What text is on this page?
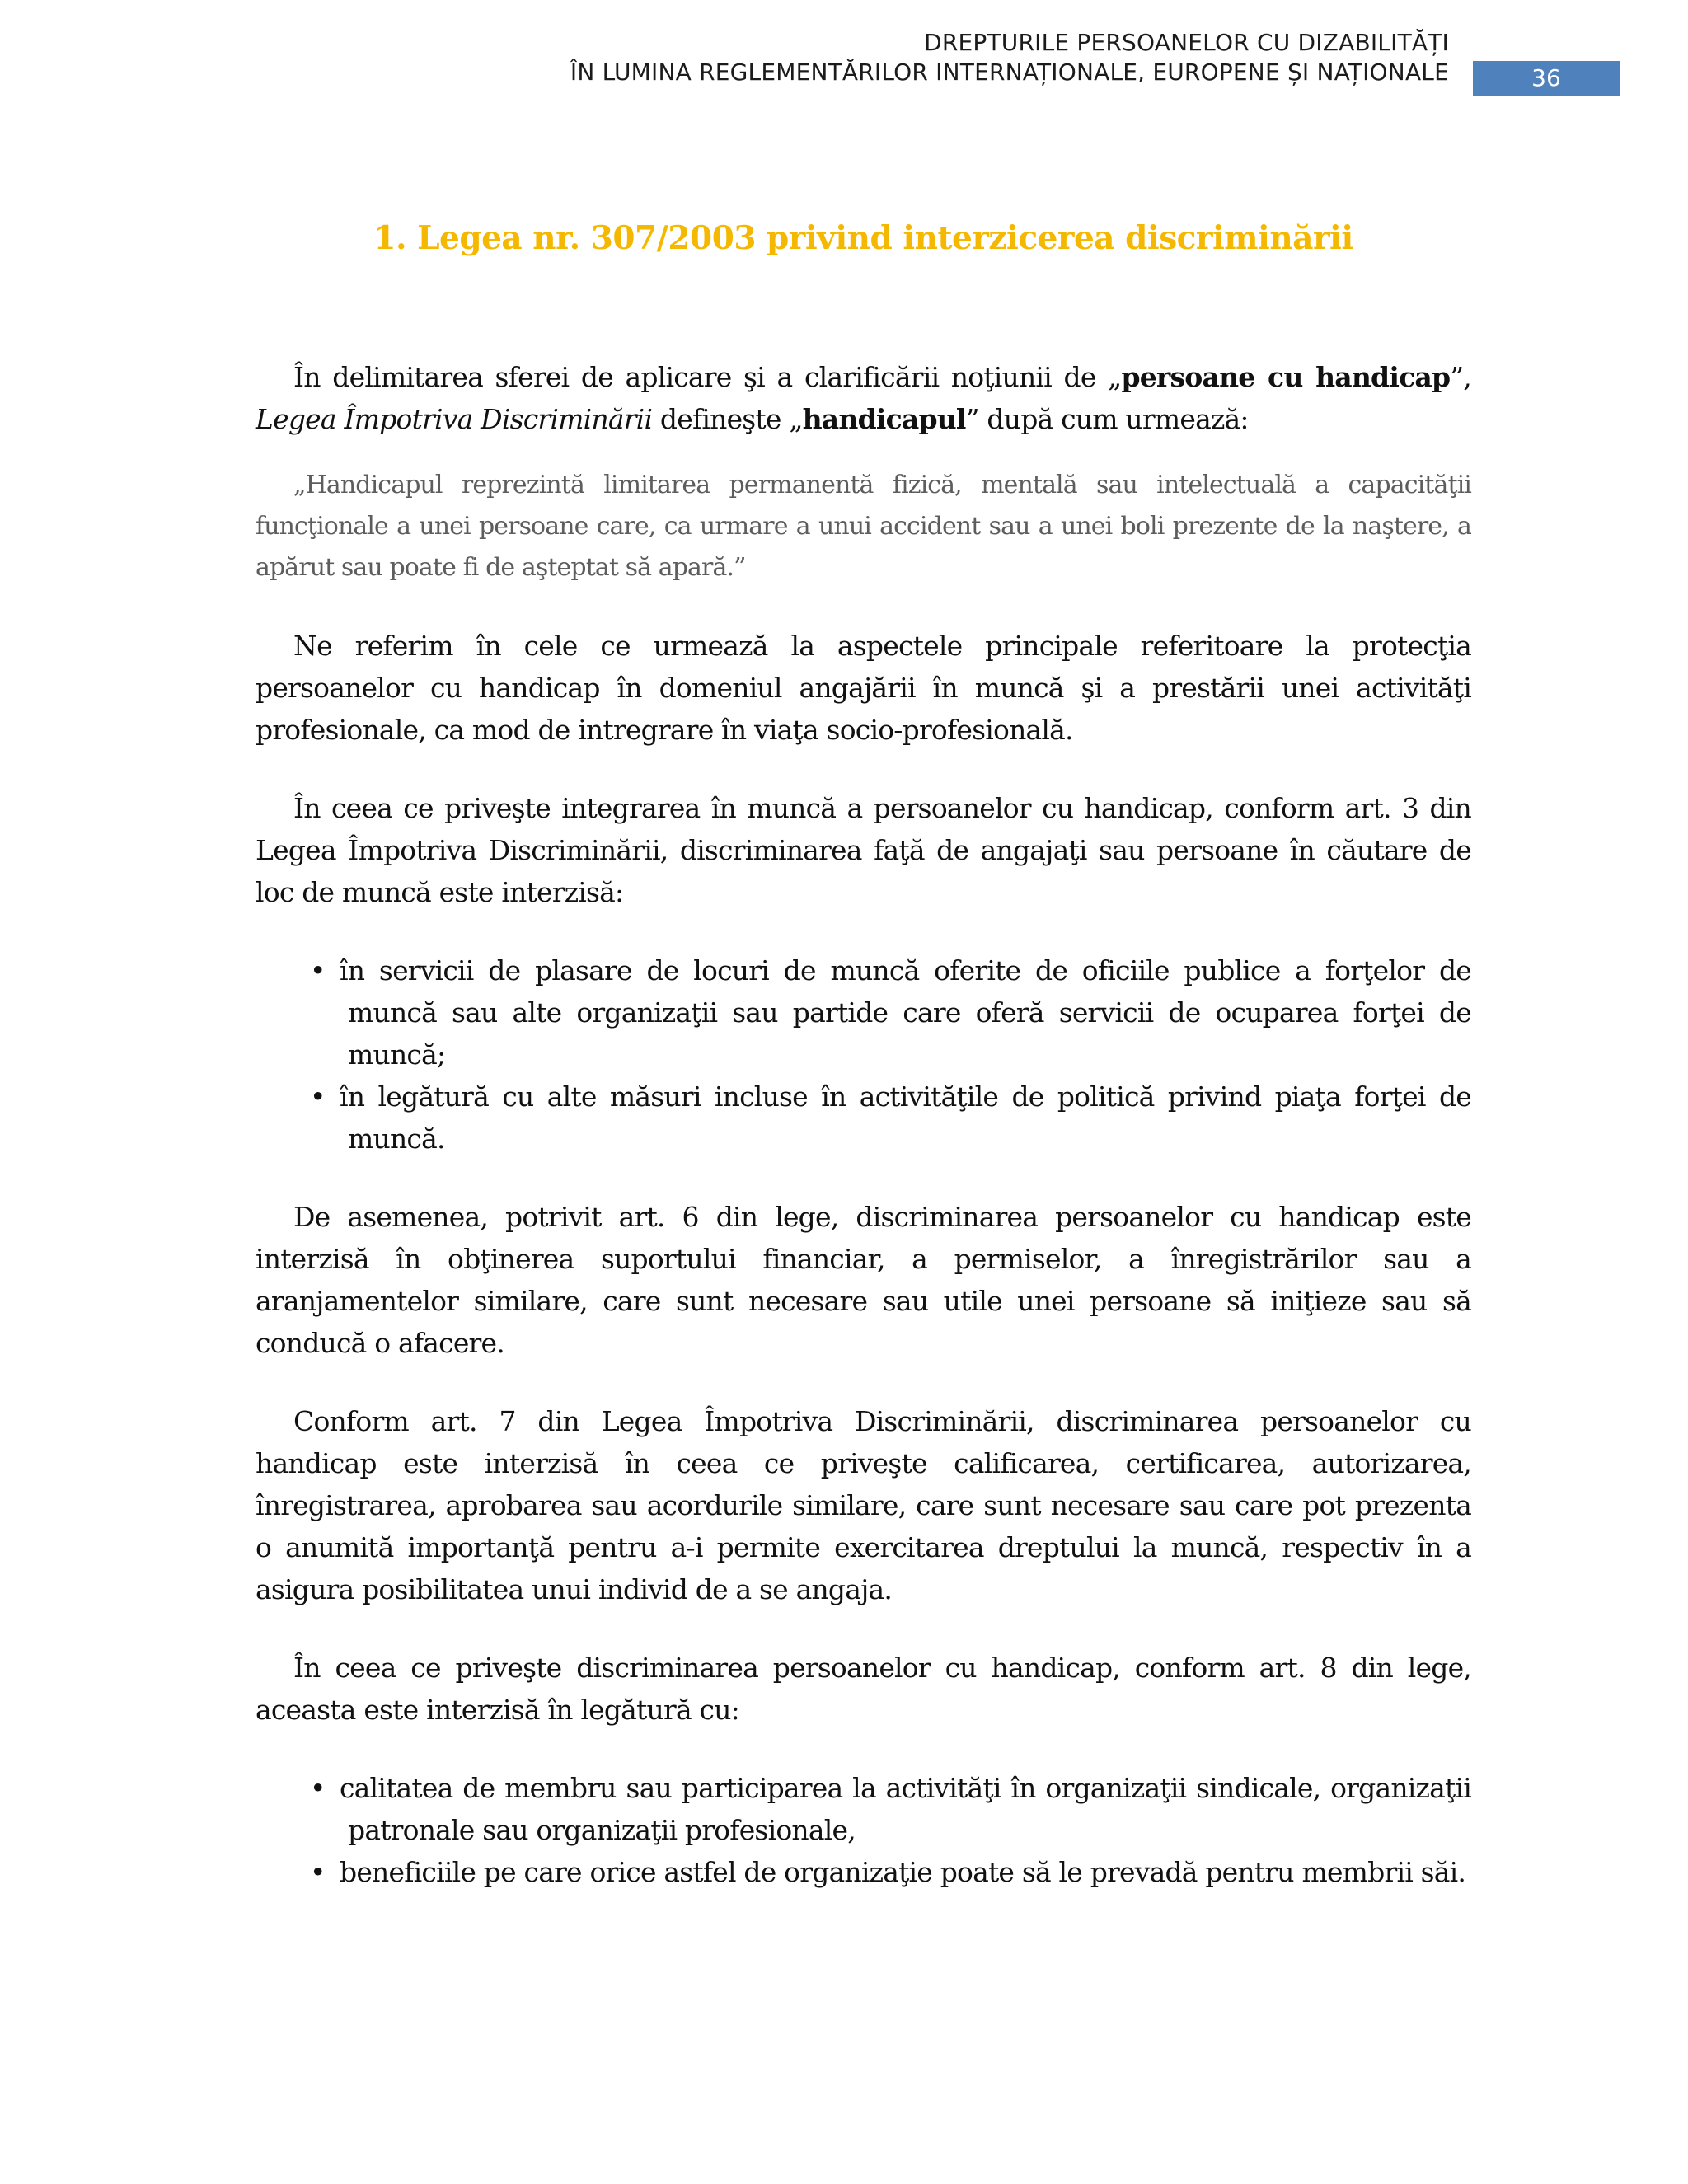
DREPTURILE PERSOANELOR CU DIZABILITĂȚI
ÎN LUMINA REGLEMENTĂRILOR INTERNAȚIONALE, EUROPENE ȘI NAȚIONALE	36
1. Legea nr. 307/2003 privind interzicerea discriminării

În delimitarea sferei de aplicare şi a clarificării noţiunii de „persoane cu handicap”, Legea Împotriva Discriminării defineşte „handicapul” după cum urmează:

„Handicapul reprezintă limitarea permanentă fizică, mentală sau intelectuală a capacităţii funcţionale a unei persoane care, ca urmare a unui accident sau a unei boli prezente de la naştere, a apărut sau poate fi de aşteptat să apară.”

Ne referim în cele ce urmează la aspectele principale referitoare la protecţia persoanelor cu handicap în domeniul angajării în muncă şi a prestării unei activităţi profesionale, ca mod de intregrare în viaţa socio-profesională.

În ceea ce priveşte integrarea în muncă a persoanelor cu handicap, conform art. 3 din Legea Împotriva Discriminării, discriminarea faţă de angajaţi sau persoane în căutare de loc de muncă este interzisă:

• în servicii de plasare de locuri de muncă oferite de oficiile publice a forţelor de muncă sau alte organizaţii sau partide care oferă servicii de ocuparea forţei de muncă;
• în legătură cu alte măsuri incluse în activităţile de politică privind piaţa forţei de muncă.

De asemenea, potrivit art. 6 din lege, discriminarea persoanelor cu handicap este interzisă în obţinerea suportului financiar, a permiselor, a înregistrărilor sau a aranjamentelor similare, care sunt necesare sau utile unei persoane să iniţieze sau să conducă o afacere.

Conform art. 7 din Legea Împotriva Discriminării, discriminarea persoanelor cu handicap este interzisă în ceea ce priveşte calificarea, certificarea, autorizarea, înregistrarea, aprobarea sau acordurile similare, care sunt necesare sau care pot prezenta o anumită importanţă pentru a-i permite exercitarea dreptului la muncă, respectiv în a asigura posibilitatea unui individ de a se angaja.

În ceea ce priveşte discriminarea persoanelor cu handicap, conform art. 8 din lege, aceasta este interzisă în legătură cu:

• calitatea de membru sau participarea la activităţi în organizaţii sindicale, organizaţii patronale sau organizaţii profesionale,
• beneficiile pe care orice astfel de organizaţie poate să le prevadă pentru membrii săi.
